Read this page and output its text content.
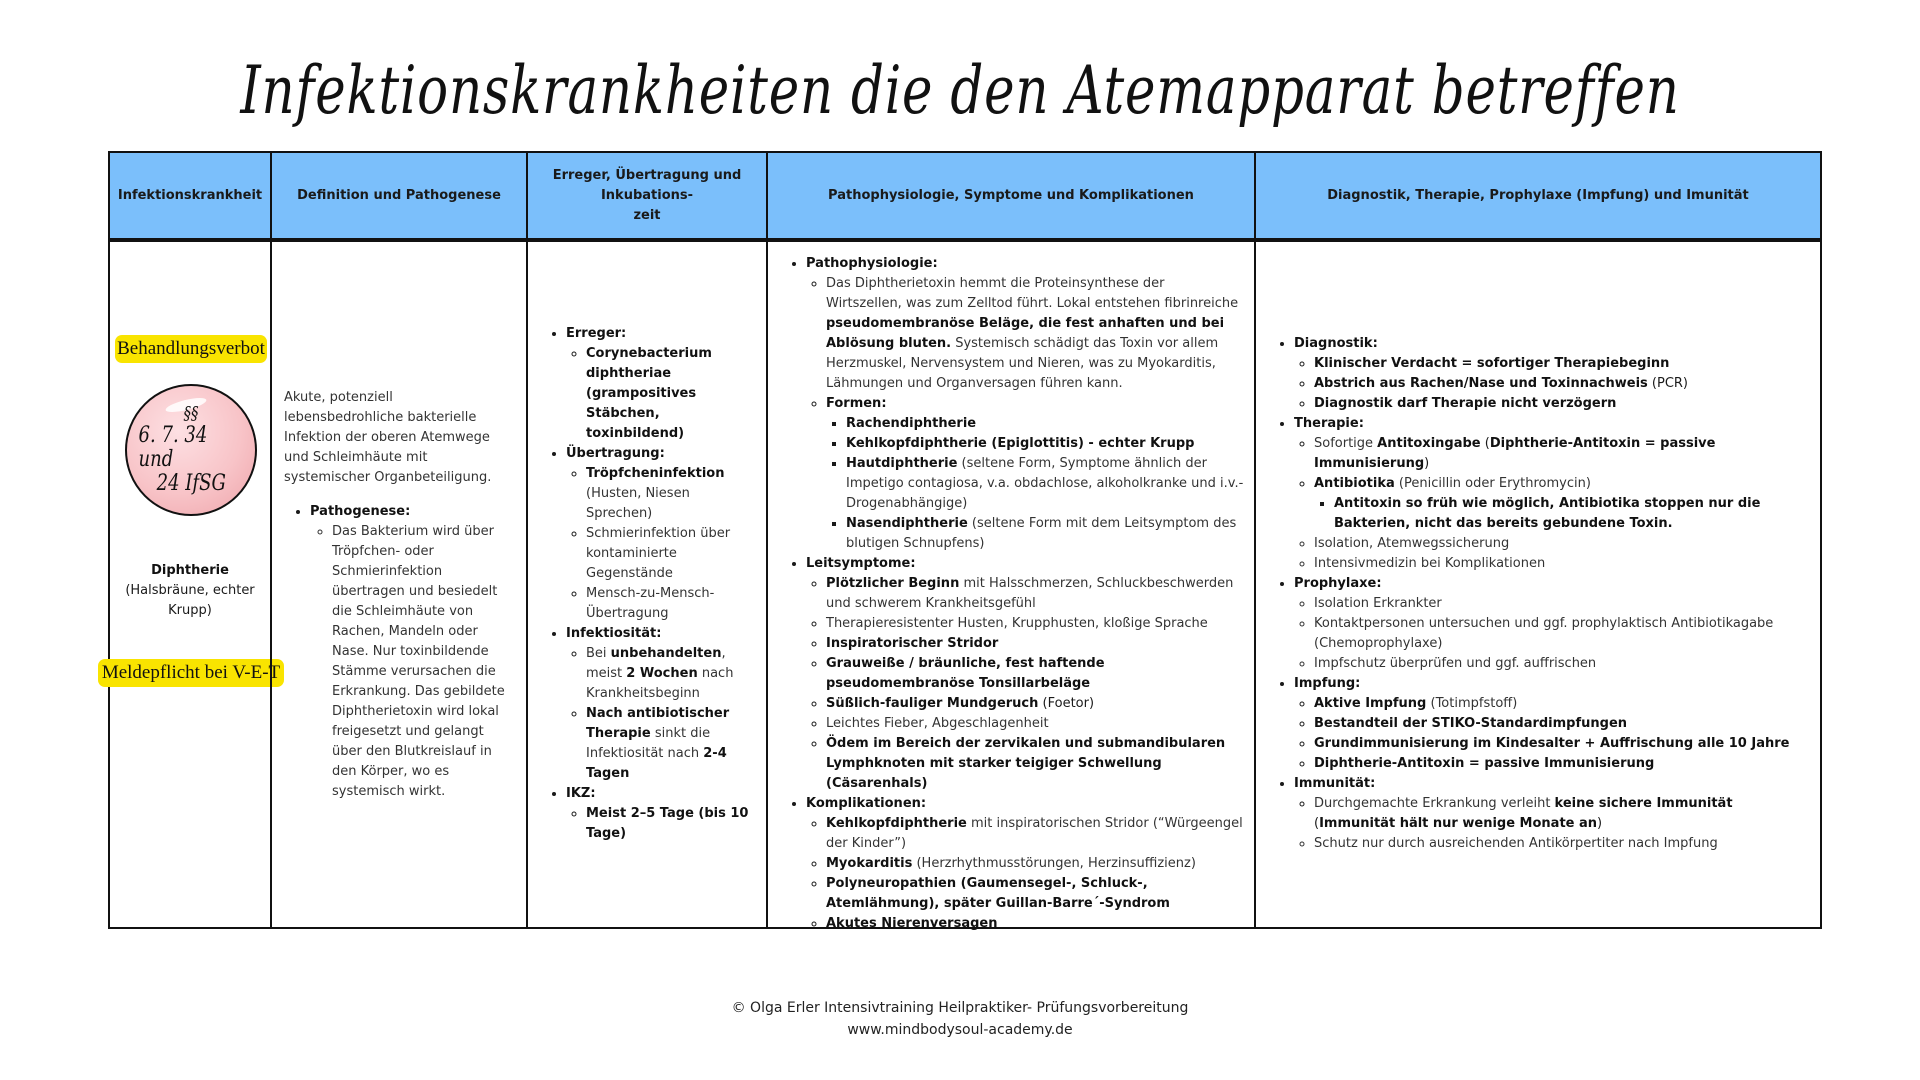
Infektionskrankheiten die den Atemapparat betreffen
Infektionskrankheit	Definition und Pathogenese
Erreger, Übertragung und
Inkubations-
zeit
Pathophysiologie, Symptome und Komplikationen	Diagnostik, Therapie, Prophylaxe (Impfung) und Imunität
Behandlungsverbot
§§
6. 7. 34 und
24 IfSG
Diphtherie
(Halsbräune, echter Krupp)
Meldepflicht bei V-E-T
Akute, potenziell lebensbedrohliche bakterielle Infektion der oberen Atemwege und Schleimhäute mit systemischer Organbeteiligung.
• Pathogenese:
◦ Das Bakterium wird über Tröpfchen- oder Schmierinfektion übertragen und besiedelt die Schleimhäute von Rachen, Mandeln oder Nase. Nur toxinbildende Stämme verursachen die Erkrankung. Das gebildete Diphtherietoxin wird lokal freigesetzt und gelangt über den Blutkreislauf in den Körper, wo es systemisch wirkt.
• Erreger:
◦ Corynebacterium diphtheriae (grampositives Stäbchen, toxinbildend)
• Übertragung:
◦ Tröpfcheninfektion (Husten, Niesen Sprechen)
◦ Schmierinfektion über kontaminierte Gegenstände
◦ Mensch-zu-Mensch-Übertragung
• Infektiosität:
◦ Bei unbehandelten, meist 2 Wochen nach Krankheitsbeginn
◦ Nach antibiotischer Therapie sinkt die Infektiosität nach 2-4 Tagen
• IKZ:
◦ Meist 2–5 Tage (bis 10 Tage)
• Pathophysiologie:
◦ Das Diphtherietoxin hemmt die Proteinsynthese der Wirtszellen, was zum Zelltod führt. Lokal entstehen fibrinreiche pseudomembranöse Beläge, die fest anhaften und bei Ablösung bluten. Systemisch schädigt das Toxin vor allem Herzmuskel, Nervensystem und Nieren, was zu Myokarditis, Lähmungen und Organversagen führen kann.
◦ Formen:
▪ Rachendiphtherie
▪ Kehlkopfdiphtherie (Epiglottitis) - echter Krupp
▪ Hautdiphtherie (seltene Form, Symptome ähnlich der Impetigo contagiosa, v.a. obdachlose, alkoholkranke und i.v.-Drogenabhängige)
▪ Nasendiphtherie (seltene Form mit dem Leitsymptom des blutigen Schnupfens)
• Leitsymptome:
◦ Plötzlicher Beginn mit Halsschmerzen, Schluckbeschwerden und schwerem Krankheitsgefühl
◦ Therapieresistenter Husten, Krupphusten, kloßige Sprache
◦ Inspiratorischer Stridor
◦ Grauweiße / bräunliche, fest haftende pseudomembranöse Tonsillarbeläge
◦ Süßlich-fauliger Mundgeruch (Foetor)
◦ Leichtes Fieber, Abgeschlagenheit
◦ Ödem im Bereich der zervikalen und submandibularen Lymphknoten mit starker teigiger Schwellung (Cäsarenhals)
• Komplikationen:
◦ Kehlkopfdiphtherie mit inspiratorischen Stridor (“Würgeengel der Kinder”)
◦ Myokarditis (Herzrhythmusstörungen, Herzinsuffizienz)
◦ Polyneuropathien (Gaumensegel-, Schluck-, Atemlähmung), später Guillan-Barre´-Syndrom
◦ Akutes Nierenversagen
• Diagnostik:
◦ Klinischer Verdacht = sofortiger Therapiebeginn
◦ Abstrich aus Rachen/Nase und Toxinnachweis (PCR)
◦ Diagnostik darf Therapie nicht verzögern
• Therapie:
◦ Sofortige Antitoxingabe (Diphtherie-Antitoxin = passive Immunisierung)
◦ Antibiotika (Penicillin oder Erythromycin)
▪ Antitoxin so früh wie möglich, Antibiotika stoppen nur die Bakterien, nicht das bereits gebundene Toxin.
◦ Isolation, Atemwegssicherung
◦ Intensivmedizin bei Komplikationen
• Prophylaxe:
◦ Isolation Erkrankter
◦ Kontaktpersonen untersuchen und ggf. prophylaktisch Antibiotikagabe (Chemoprophylaxe)
◦ Impfschutz überprüfen und ggf. auffrischen
• Impfung:
◦ Aktive Impfung (Totimpfstoff)
◦ Bestandteil der STIKO-Standardimpfungen
◦ Grundimmunisierung im Kindesalter + Auffrischung alle 10 Jahre
◦ Diphtherie-Antitoxin = passive Immunisierung
• Immunität:
◦ Durchgemachte Erkrankung verleiht keine sichere Immunität (Immunität hält nur wenige Monate an)
◦ Schutz nur durch ausreichenden Antikörpertiter nach Impfung
© Olga Erler Intensivtraining Heilpraktiker- Prüfungsvorbereitung
www.mindbodysoul-academy.de
